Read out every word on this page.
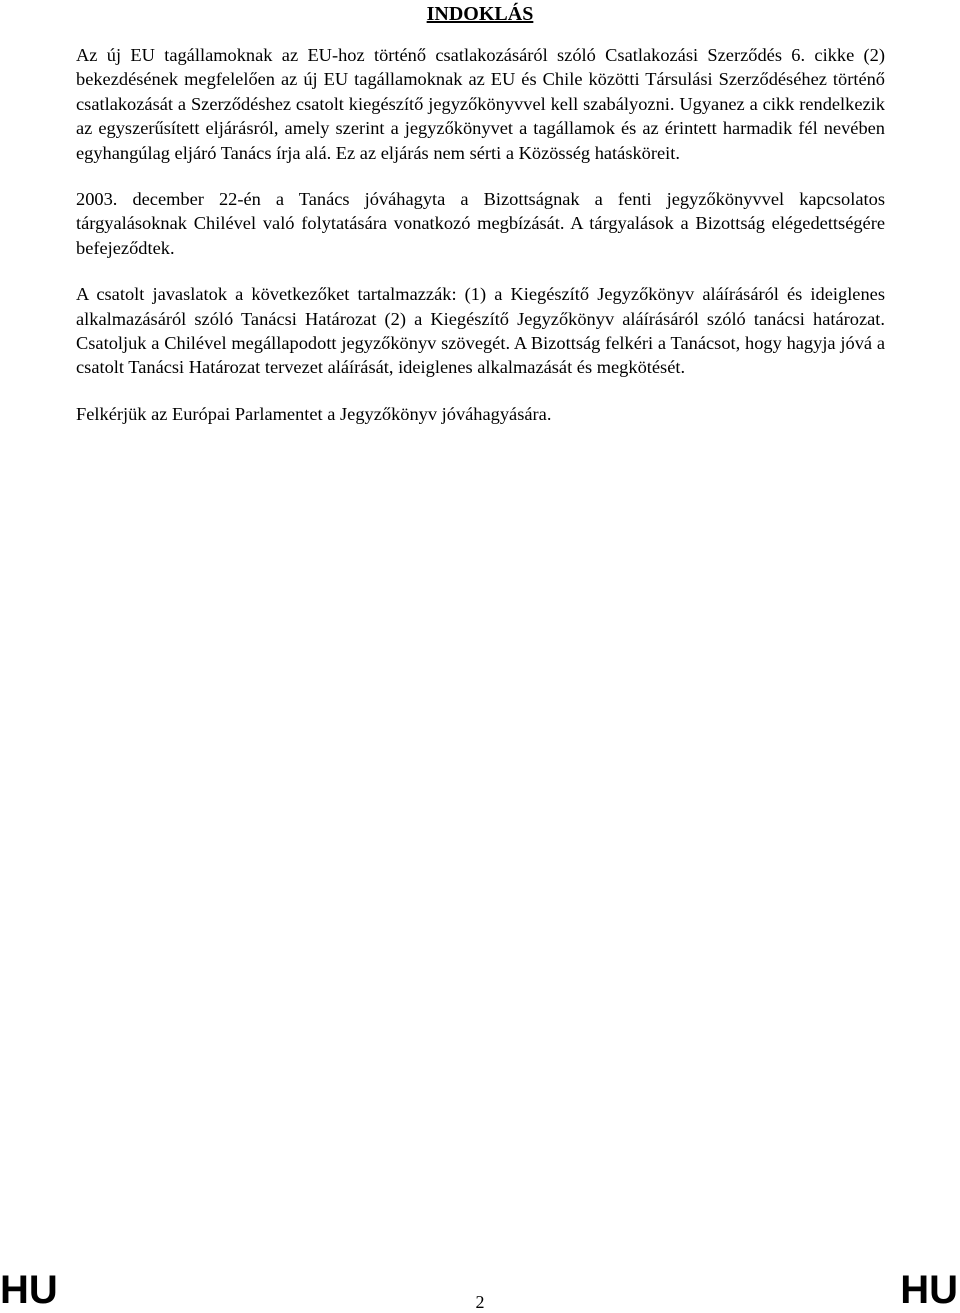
INDOKLÁS

Az új EU tagállamoknak az EU-hoz történő csatlakozásáról szóló Csatlakozási Szerződés 6. cikke (2) bekezdésének megfelelően az új EU tagállamoknak az EU és Chile közötti Társulási Szerződéséhez történő csatlakozását a Szerződéshez csatolt kiegészítő jegyzőkönyvvel kell szabályozni. Ugyanez a cikk rendelkezik az egyszerűsített eljárásról, amely szerint a jegyzőkönyvet a tagállamok és az érintett harmadik fél nevében egyhangúlag eljáró Tanács írja alá. Ez az eljárás nem sérti a Közösség hatásköreit.

2003. december 22-én a Tanács jóváhagyta a Bizottságnak a fenti jegyzőkönyvvel kapcsolatos tárgyalásoknak Chilével való folytatására vonatkozó megbízását. A tárgyalások a Bizottság elégedettségére befejeződtek.

A csatolt javaslatok a következőket tartalmazzák: (1) a Kiegészítő Jegyzőkönyv aláírásáról és ideiglenes alkalmazásáról szóló Tanácsi Határozat (2) a Kiegészítő Jegyzőkönyv aláírásáról szóló tanácsi határozat. Csatoljuk a Chilével megállapodott jegyzőkönyv szövegét. A Bizottság felkéri a Tanácsot, hogy hagyja jóvá a csatolt Tanácsi Határozat tervezet aláírását, ideiglenes alkalmazását és megkötését.

Felkérjük az Európai Parlamentet a Jegyzőkönyv jóváhagyására.

HU	2	HU
